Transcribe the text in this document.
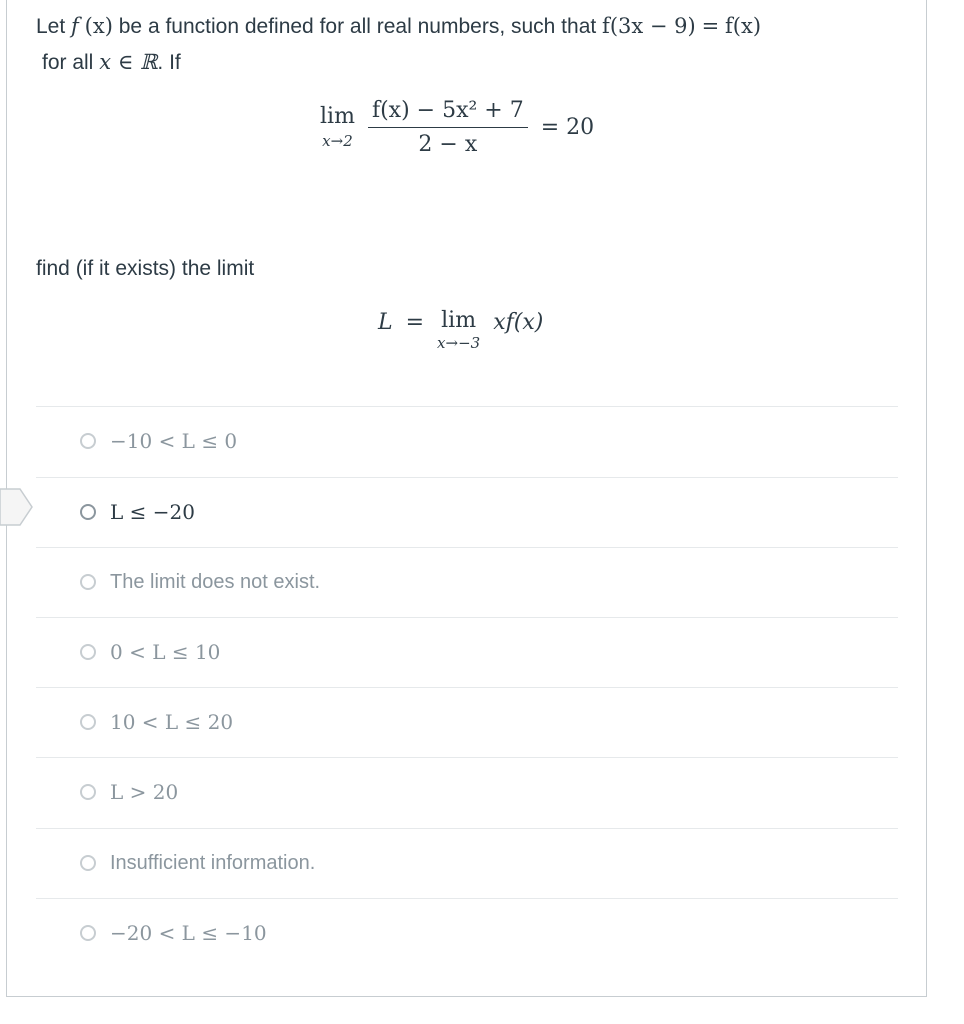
Let f (x) be a function defined for all real numbers, such that f(3x − 9) = f(x)
for all x ∈ ℝ. If
lim
x→2
$\frac{\text{f(x) − 5x² + 7}}{2 - x} = 20$
find (if it exists) the limit
L = lim
x→−3
xf(x)
−10 < L ≤ 0
L ≤ −20
The limit does not exist.
0 < L ≤ 10
10 < L ≤ 20
L > 20
Insufficient information.
−20 < L ≤ −10
